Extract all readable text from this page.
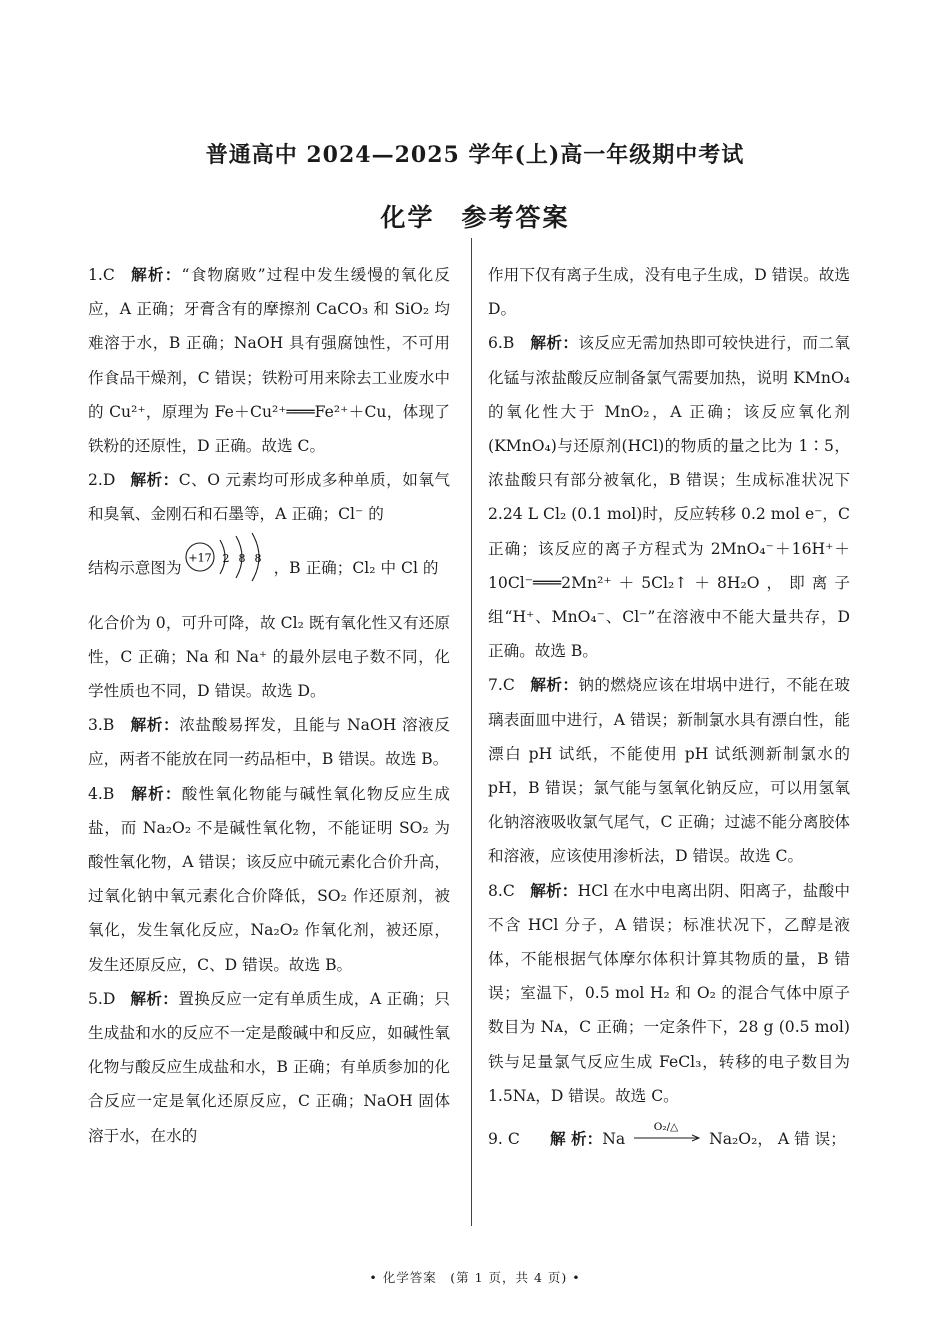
普通高中 2024—2025 学年(上)高一年级期中考试
化学　参考答案

1.C 解析：“食物腐败”过程中发生缓慢的氧化反应，A 正确；牙膏含有的摩擦剂 CaCO₃ 和 SiO₂ 均难溶于水，B 正确；NaOH 具有强腐蚀性，不可用作食品干燥剂，C 错误；铁粉可用来除去工业废水中的 Cu²⁺，原理为 Fe＋Cu²⁺═══Fe²⁺＋Cu，体现了铁粉的还原性，D 正确。故选 C。

2.D 解析：C、O 元素均可形成多种单质，如氧气和臭氧、金刚石和石墨等，A 正确；Cl⁻ 的

结构示意图为
+17 2 8 8
，B 正确；Cl₂ 中 Cl 的

化合价为 0，可升可降，故 Cl₂ 既有氧化性又有还原性，C 正确；Na 和 Na⁺ 的最外层电子数不同，化学性质也不同，D 错误。故选 D。

3.B 解析：浓盐酸易挥发，且能与 NaOH 溶液反应，两者不能放在同一药品柜中，B 错误。故选 B。

4.B 解析：酸性氧化物能与碱性氧化物反应生成盐，而 Na₂O₂ 不是碱性氧化物，不能证明 SO₂ 为酸性氧化物，A 错误；该反应中硫元素化合价升高，过氧化钠中氧元素化合价降低，SO₂ 作还原剂，被氧化，发生氧化反应，Na₂O₂ 作氧化剂，被还原，发生还原反应，C、D 错误。故选 B。

5.D 解析：置换反应一定有单质生成，A 正确；只生成盐和水的反应不一定是酸碱中和反应，如碱性氧化物与酸反应生成盐和水，B 正确；有单质参加的化合反应一定是氧化还原反应，C 正确；NaOH 固体溶于水，在水的

作用下仅有离子生成，没有电子生成，D 错误。故选 D。

6.B 解析：该反应无需加热即可较快进行，而二氧化锰与浓盐酸反应制备氯气需要加热，说明 KMnO₄ 的氧化性大于 MnO₂，A 正确；该反应氧化剂(KMnO₄)与还原剂(HCl)的物质的量之比为 1∶5，浓盐酸只有部分被氧化，B 错误；生成标准状况下 2.24 L Cl₂ (0.1 mol)时，反应转移 0.2 mol e⁻，C 正确；该反应的离子方程式为 2MnO₄⁻＋16H⁺＋10Cl⁻═══2Mn²⁺＋5Cl₂↑＋8H₂O，即离子组“H⁺、MnO₄⁻、Cl⁻”在溶液中不能大量共存，D 正确。故选 B。

7.C 解析：钠的燃烧应该在坩埚中进行，不能在玻璃表面皿中进行，A 错误；新制氯水具有漂白性，能漂白 pH 试纸，不能使用 pH 试纸测新制氯水的 pH，B 错误；氯气能与氢氧化钠反应，可以用氢氧化钠溶液吸收氯气尾气，C 正确；过滤不能分离胶体和溶液，应该使用渗析法，D 错误。故选 C。

8.C 解析：HCl 在水中电离出阴、阳离子，盐酸中不含 HCl 分子，A 错误；标准状况下，乙醇是液体，不能根据气体摩尔体积计算其物质的量，B 错误；室温下，0.5 mol H₂ 和 O₂ 的混合气体中原子数目为 Nᴀ，C 正确；一定条件下，28 g (0.5 mol)铁与足量氯气反应生成 FeCl₃，转移的电子数目为 1.5Nᴀ，D 错误。故选 C。

9. C 解 析：Na
O₂/△
Na₂O₂， A 错 误；

• 化学答案　(第 1 页，共 4 页) •
